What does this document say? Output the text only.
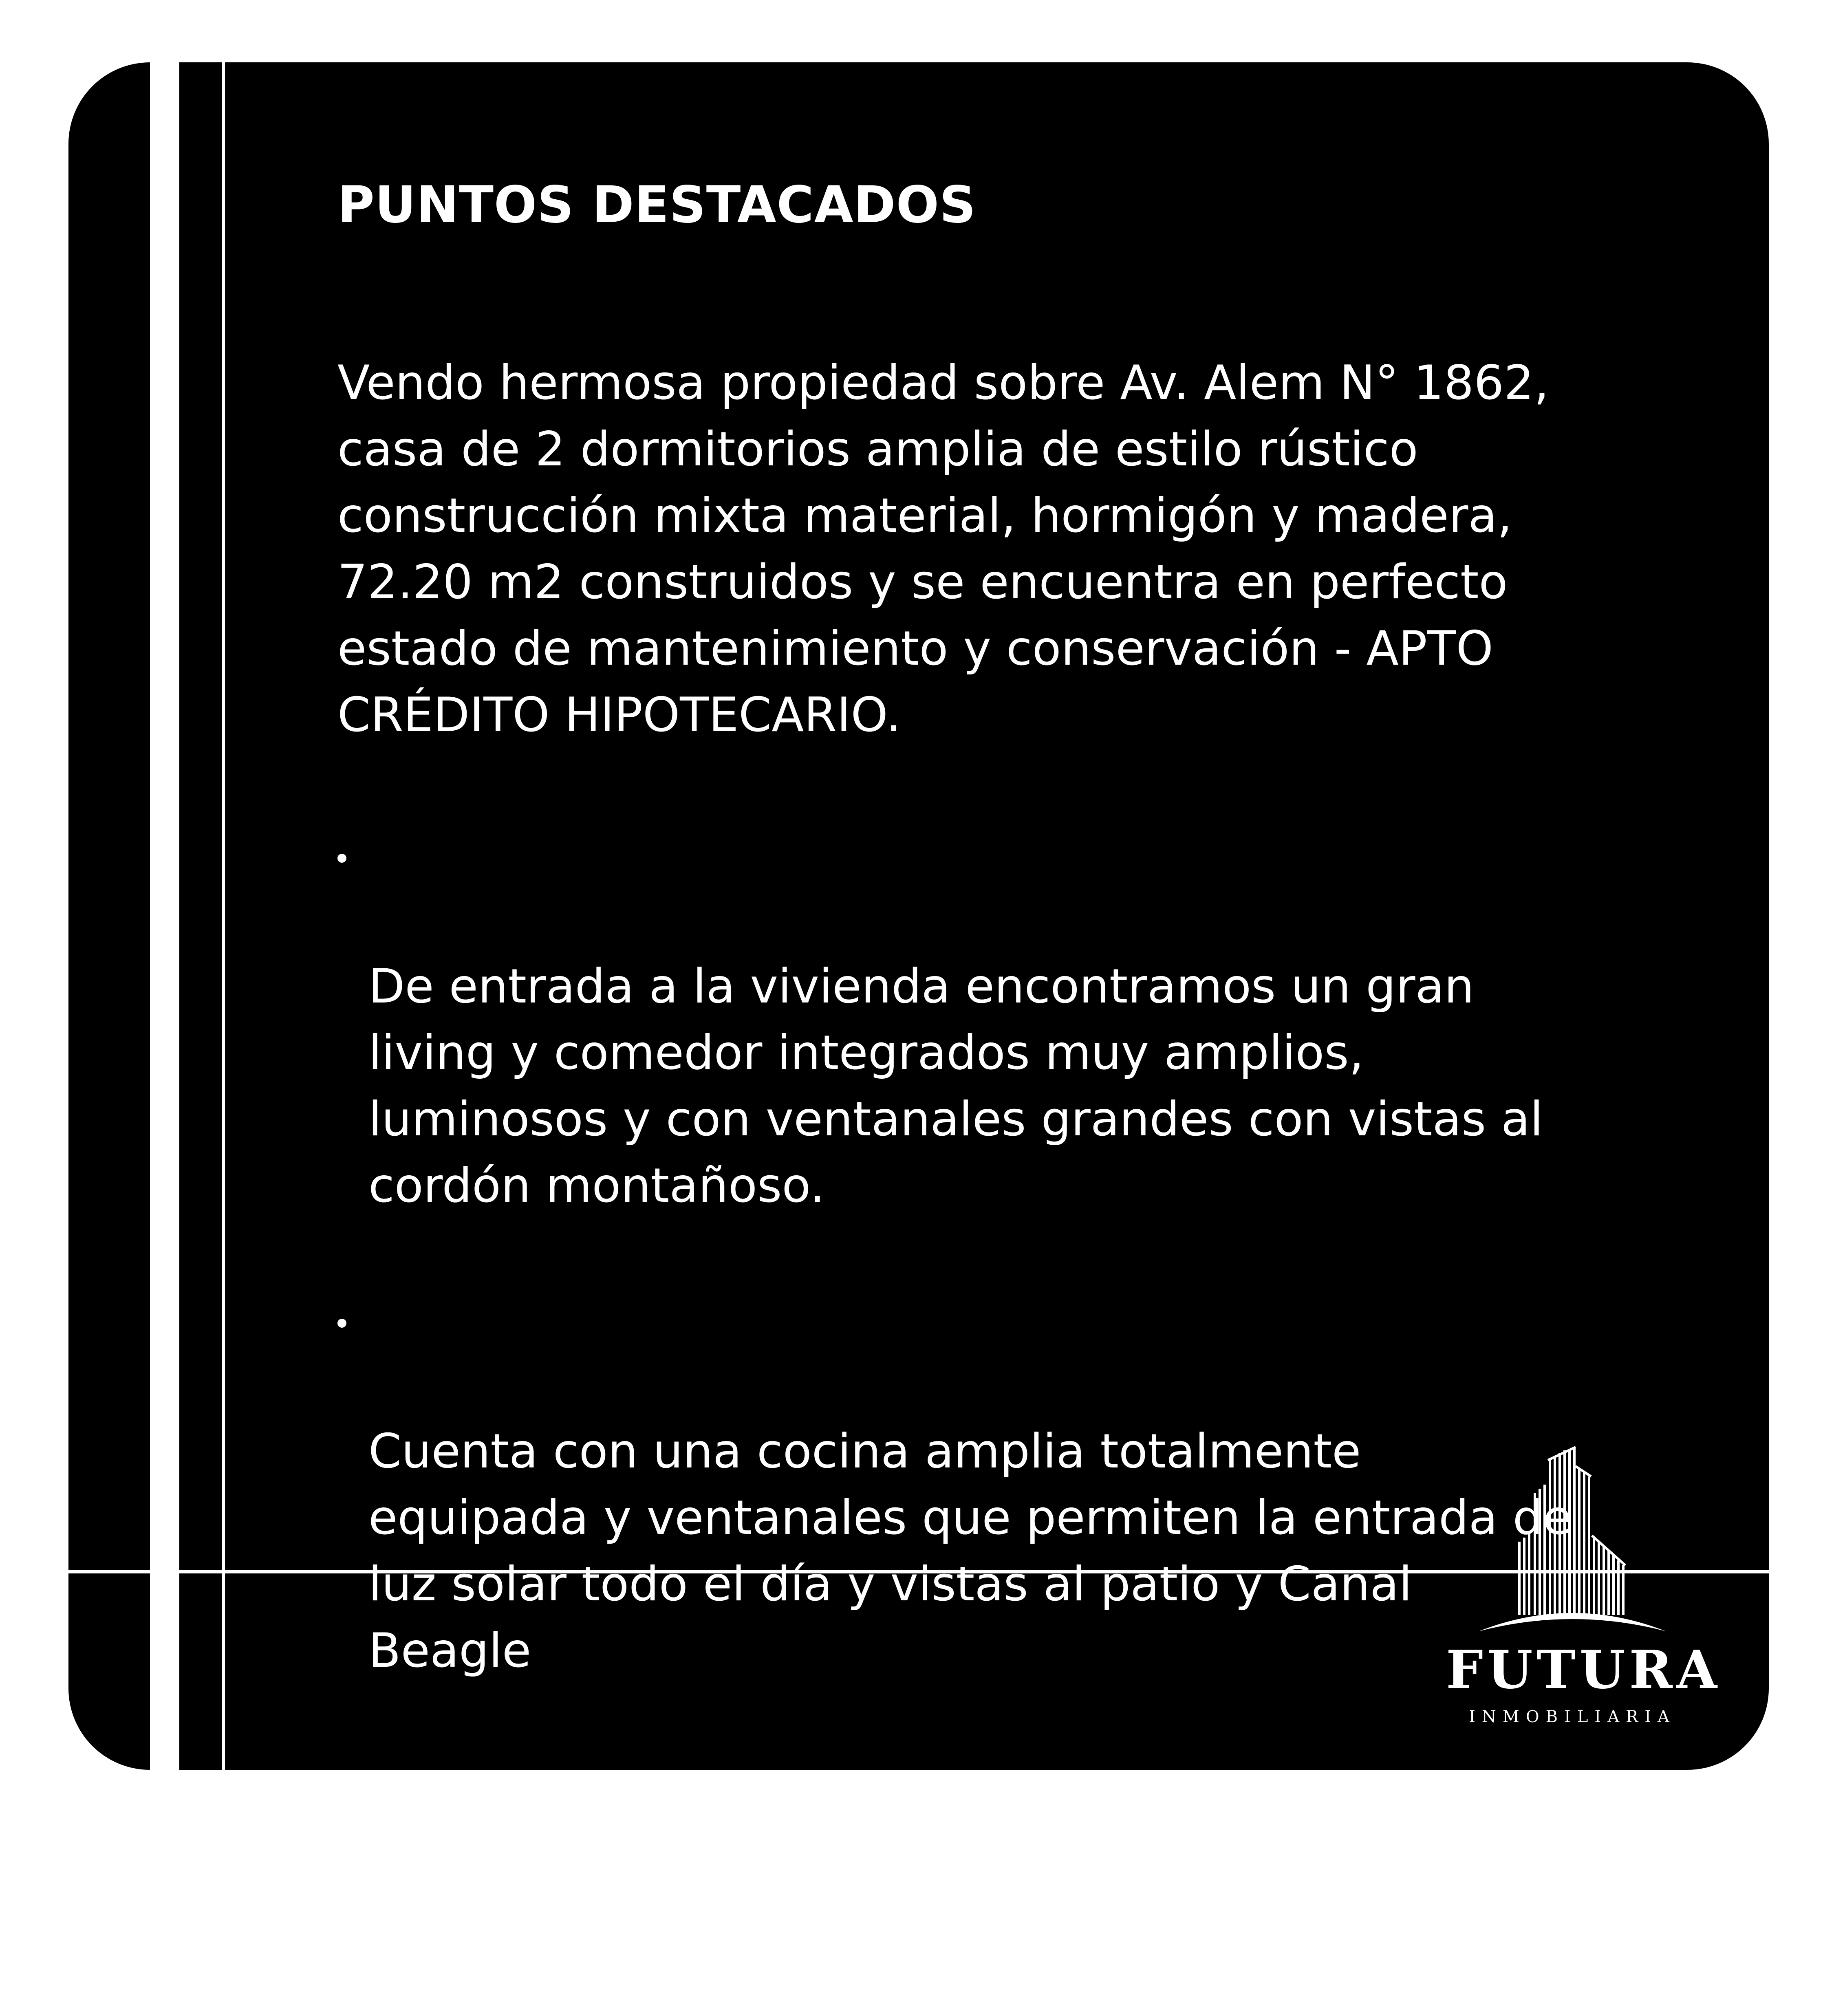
PUNTOS DESTACADOS

Vendo hermosa propiedad sobre Av. Alem N° 1862,
casa de 2 dormitorios amplia de estilo rústico
construcción mixta material, hormigón y madera,
72.20 m2 construidos y se encuentra en perfecto
estado de mantenimiento y conservación - APTO
CRÉDITO HIPOTECARIO.

De entrada a la vivienda encontramos un gran
living y comedor integrados muy amplios,
luminosos y con ventanales grandes con vistas al
cordón montañoso.

Cuenta con una cocina amplia totalmente
equipada y ventanales que permiten la entrada de
luz solar todo el día y vistas al patio y Canal
Beagle

Techos con cabios a la vista.

FUTURA
INMOBILIARIA
